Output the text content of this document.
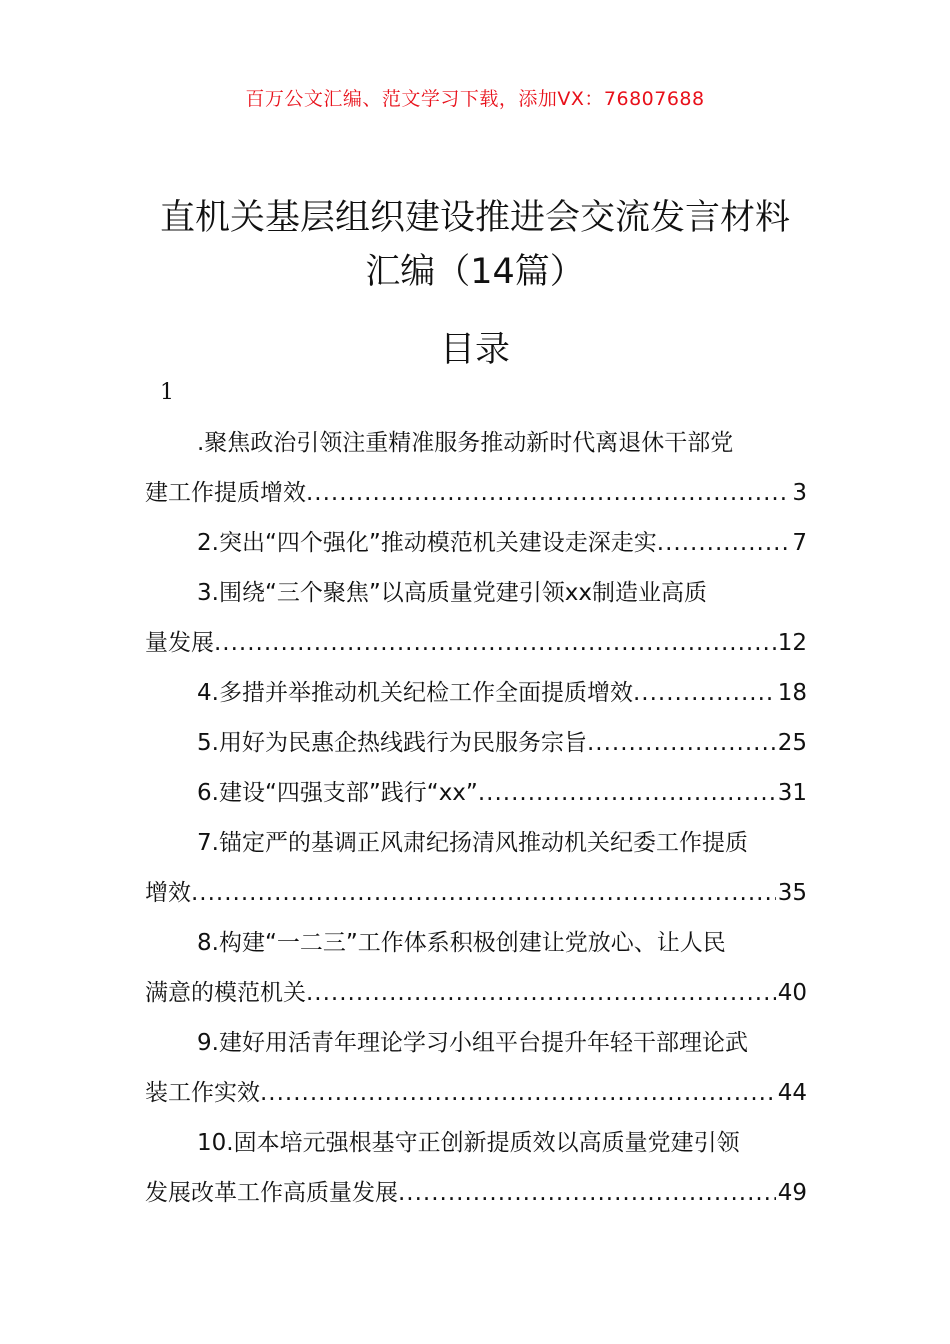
百万公文汇编、范文学习下载，添加VX：76807688
直机关基层组织建设推进会交流发言材料
汇编（14篇）
目录
1
.聚焦政治引领注重精准服务推动新时代离退休干部党
建工作提质增效 .....	3
2.突出“四个强化”推动模范机关建设走深走实 .....	7
3.围绕“三个聚焦”以高质量党建引领xx制造业高质
量发展 .....	12
4.多措并举推动机关纪检工作全面提质增效 .....	18
5.用好为民惠企热线践行为民服务宗旨 .....	25
6.建设“四强支部”践行“xx” .....	31
7.锚定严的基调正风肃纪扬清风推动机关纪委工作提质
增效 .....	35
8.构建“一二三”工作体系积极创建让党放心、让人民
满意的模范机关 .....	40
9.建好用活青年理论学习小组平台提升年轻干部理论武
装工作实效 .....	44
10.固本培元强根基守正创新提质效以高质量党建引领
发展改革工作高质量发展 .....	49
